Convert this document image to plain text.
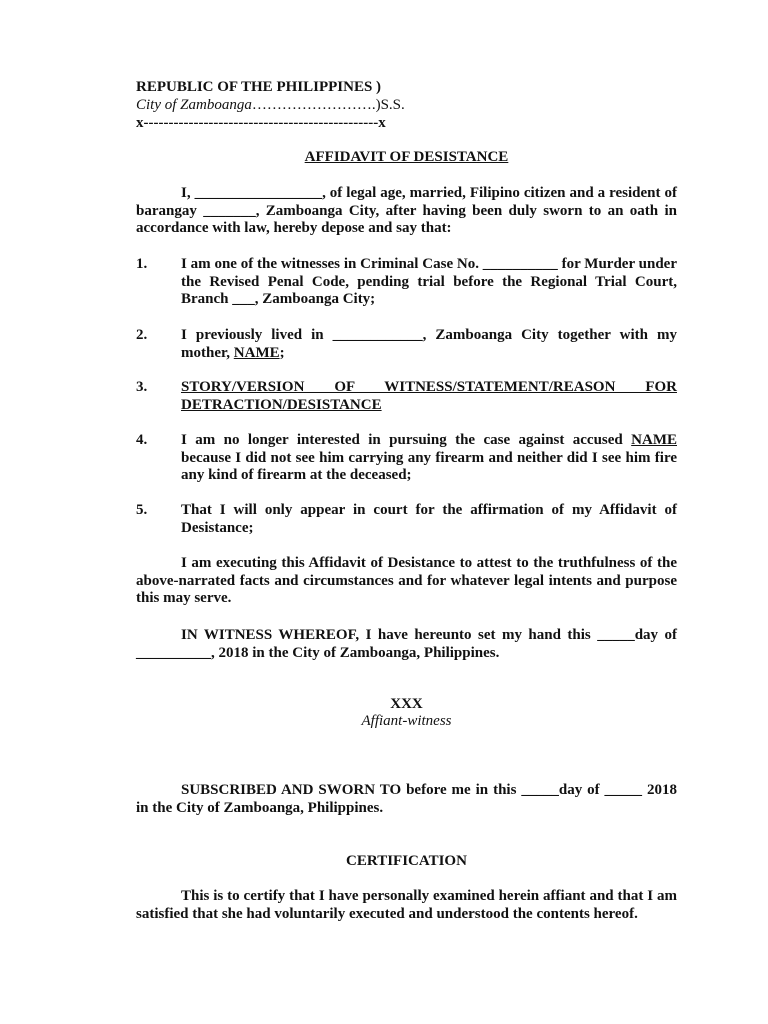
REPUBLIC OF THE PHILIPPINES )

City of Zamboanga…………………….)S.S.

x-----------------------------------------------x

AFFIDAVIT OF DESISTANCE

I, _________________, of legal age, married, Filipino citizen and a resident of barangay _______, Zamboanga City, after having been duly sworn to an oath in accordance with law, hereby depose and say that:

1.	I am one of the witnesses in Criminal Case No. __________ for Murder under the Revised Penal Code, pending trial before the Regional Trial Court, Branch ___, Zamboanga City;

2.	I previously lived in ____________, Zamboanga City together with my mother, NAME;

3.	STORY/VERSION OF WITNESS/STATEMENT/REASON FOR DETRACTION/DESISTANCE

4.	I am no longer interested in pursuing the case against accused NAME because I did not see him carrying any firearm and neither did I see him fire any kind of firearm at the deceased;

5.	That I will only appear in court for the affirmation of my Affidavit of Desistance;

I am executing this Affidavit of Desistance to attest to the truthfulness of the above-narrated facts and circumstances and for whatever legal intents and purpose this may serve.

IN WITNESS WHEREOF, I have hereunto set my hand this _____day of __________, 2018 in the City of Zamboanga, Philippines.

XXX

Affiant-witness

SUBSCRIBED AND SWORN TO before me in this _____day of _____ 2018 in the City of Zamboanga, Philippines.

CERTIFICATION

This is to certify that I have personally examined herein affiant and that I am satisfied that she had voluntarily executed and understood the contents hereof.
